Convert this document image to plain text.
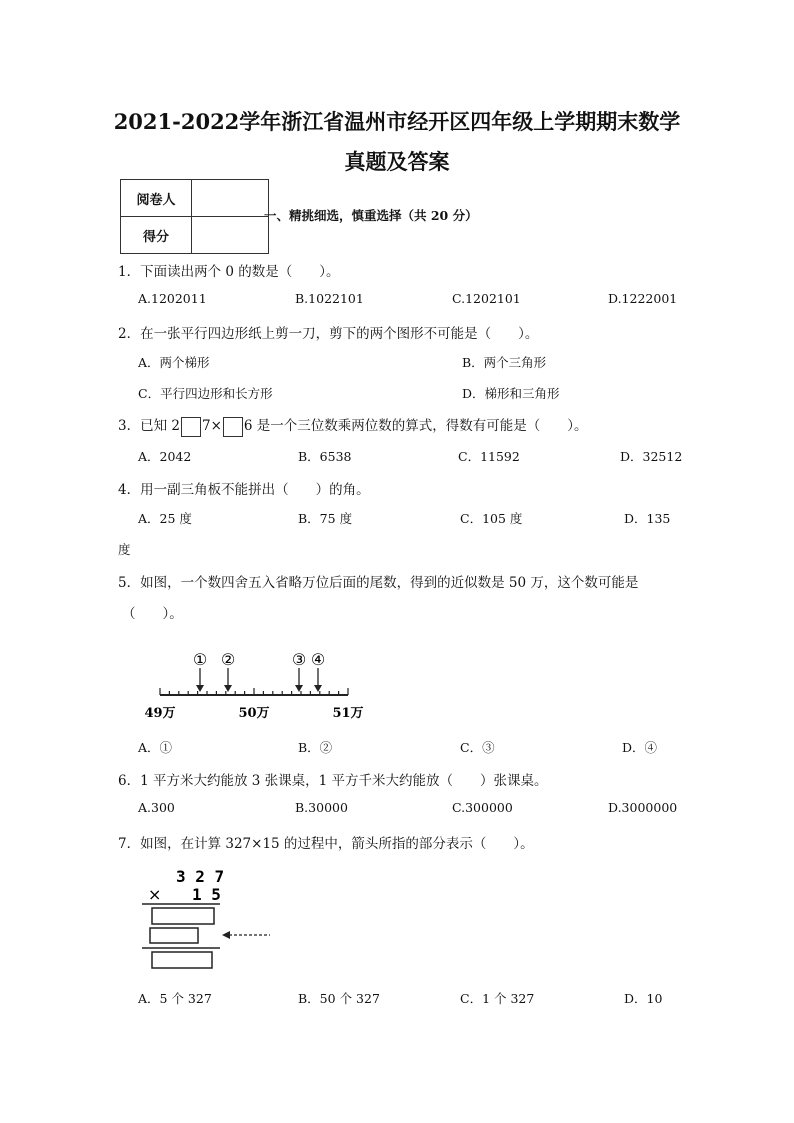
2021-2022学年浙江省温州市经开区四年级上学期期末数学
真题及答案
阅卷人	
得分	
一、精挑细选，慎重选择（共 20 分）
1．下面读出两个 0 的数是（　　）。
A.1202011	B.1022101	C.1202101	D.1222001
2．在一张平行四边形纸上剪一刀，剪下的两个图形不可能是（　　）。
A．两个梯形	B．两个三角形
C．平行四边形和长方形	D．梯形和三角形
3．已知 2 7× 6 是一个三位数乘两位数的算式，得数有可能是（　　）。
A．2042	B．6538	C．11592	D．32512
4．用一副三角板不能拼出（　　）的角。
A．25 度	B．75 度	C．105 度	D．135
度
5．如图，一个数四舍五入省略万位后面的尾数，得到的近似数是 50 万，这个数可能是
（　　）。
① ②	③ ④
49万	50万	51万
A．①	B．②	C．③	D．④
6．1 平方米大约能放 3 张课桌，1 平方千米大约能放（　　）张课桌。
A.300	B.30000	C.300000	D.3000000
7．如图，在计算 327×15 的过程中，箭头所指的部分表示（　　）。
3 2 7
× 1 5
A．5 个 327	B．50 个 327	C．1 个 327	D．10
